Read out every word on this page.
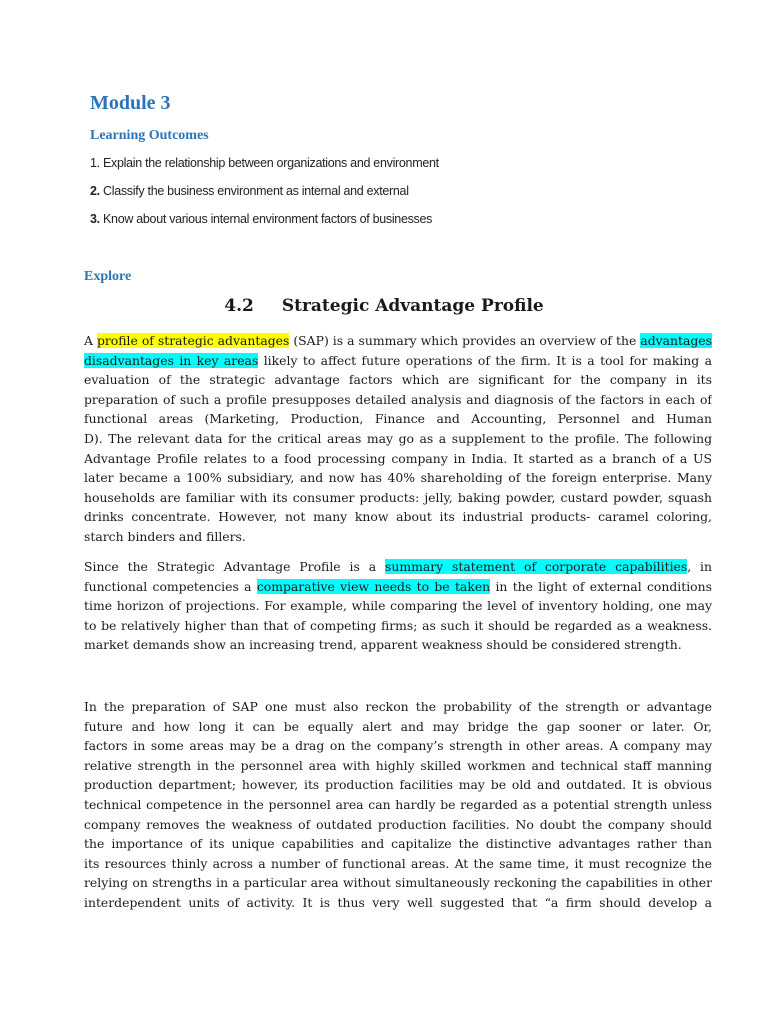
Module 3
Learning Outcomes
1. Explain the relationship between organizations and environment
2. Classify the business environment as internal and external
3. Know about various internal environment factors of businesses
Explore
4.2 Strategic Advantage Profile
A profile of strategic advantages (SAP) is a summary which provides an overview of the advantages
disadvantages in key areas likely to affect future operations of the firm. It is a tool for making a
evaluation of the strategic advantage factors which are significant for the company in its
preparation of such a profile presupposes detailed analysis and diagnosis of the factors in each of
functional areas (Marketing, Production, Finance and Accounting, Personnel and Human
D). The relevant data for the critical areas may go as a supplement to the profile. The following
Advantage Profile relates to a food processing company in India. It started as a branch of a US
later became a 100% subsidiary, and now has 40% shareholding of the foreign enterprise. Many
households are familiar with its consumer products: jelly, baking powder, custard powder, squash
drinks concentrate. However, not many know about its industrial products- caramel coloring,
starch binders and fillers.
Since the Strategic Advantage Profile is a summary statement of corporate capabilities, in
functional competencies a comparative view needs to be taken in the light of external conditions
time horizon of projections. For example, while comparing the level of inventory holding, one may
to be relatively higher than that of competing firms; as such it should be regarded as a weakness.
market demands show an increasing trend, apparent weakness should be considered strength.
In the preparation of SAP one must also reckon the probability of the strength or advantage
future and how long it can be equally alert and may bridge the gap sooner or later. Or,
factors in some areas may be a drag on the company’s strength in other areas. A company may
relative strength in the personnel area with highly skilled workmen and technical staff manning
production department; however, its production facilities may be old and outdated. It is obvious
technical competence in the personnel area can hardly be regarded as a potential strength unless
company removes the weakness of outdated production facilities. No doubt the company should
the importance of its unique capabilities and capitalize the distinctive advantages rather than
its resources thinly across a number of functional areas. At the same time, it must recognize the
relying on strengths in a particular area without simultaneously reckoning the capabilities in other
interdependent units of activity. It is thus very well suggested that “a firm should develop a
